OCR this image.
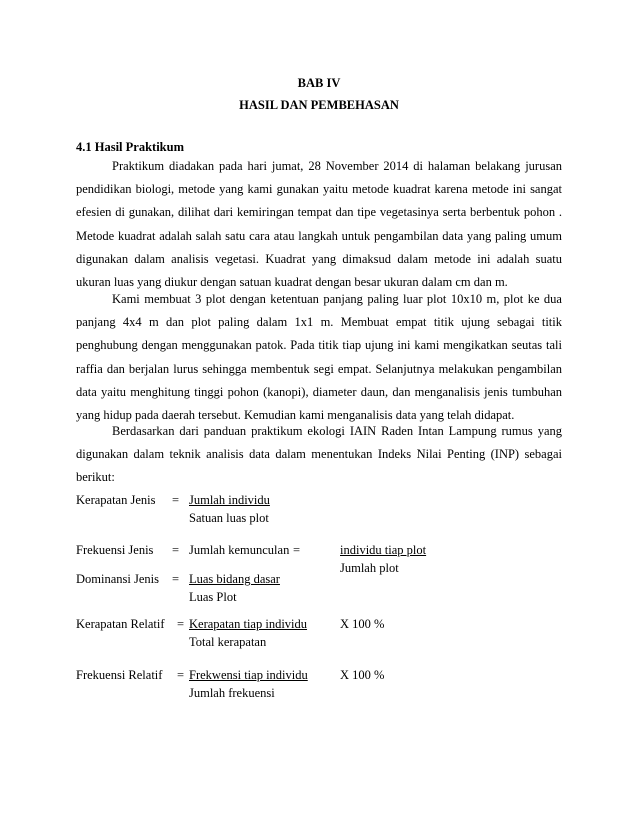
BAB IV
HASIL DAN PEMBEHASAN
4.1 Hasil Praktikum

Praktikum diadakan pada hari jumat, 28 November 2014 di halaman belakang jurusan pendidikan biologi, metode yang kami gunakan yaitu metode kuadrat karena metode ini sangat efesien di gunakan, dilihat dari kemiringan tempat dan tipe vegetasinya serta berbentuk pohon . Metode kuadrat adalah salah satu cara atau langkah untuk pengambilan data yang paling umum digunakan dalam analisis vegetasi. Kuadrat yang dimaksud dalam metode ini adalah suatu ukuran luas yang diukur dengan satuan kuadrat dengan besar ukuran dalam cm dan m.

Kami membuat 3 plot dengan ketentuan panjang paling luar plot 10x10 m, plot ke dua panjang 4x4 m dan plot paling dalam 1x1 m. Membuat empat titik ujung sebagai titik penghubung dengan menggunakan patok. Pada titik tiap ujung ini kami mengikatkan seutas tali raffia dan berjalan lurus sehingga membentuk segi empat. Selanjutnya melakukan pengambilan data yaitu menghitung tinggi pohon (kanopi), diameter daun, dan menganalisis jenis tumbuhan yang hidup pada daerah tersebut. Kemudian kami menganalisis data yang telah didapat.

Berdasarkan dari panduan praktikum ekologi IAIN Raden Intan Lampung rumus yang digunakan dalam teknik analisis data dalam menentukan Indeks Nilai Penting (INP) sebagai berikut:

Kerapatan Jenis = Jumlah individu
Satuan luas plot
Frekuensi Jenis = Jumlah kemunculan =	individu tiap plot
Jumlah plot
Dominansi Jenis = Luas bidang dasar
Luas Plot
Kerapatan Relatif = Kerapatan tiap individu
Total kerapatan
X 100 %
Frekuensi Relatif = Frekwensi tiap individu
Jumlah frekuensi
X 100 %
